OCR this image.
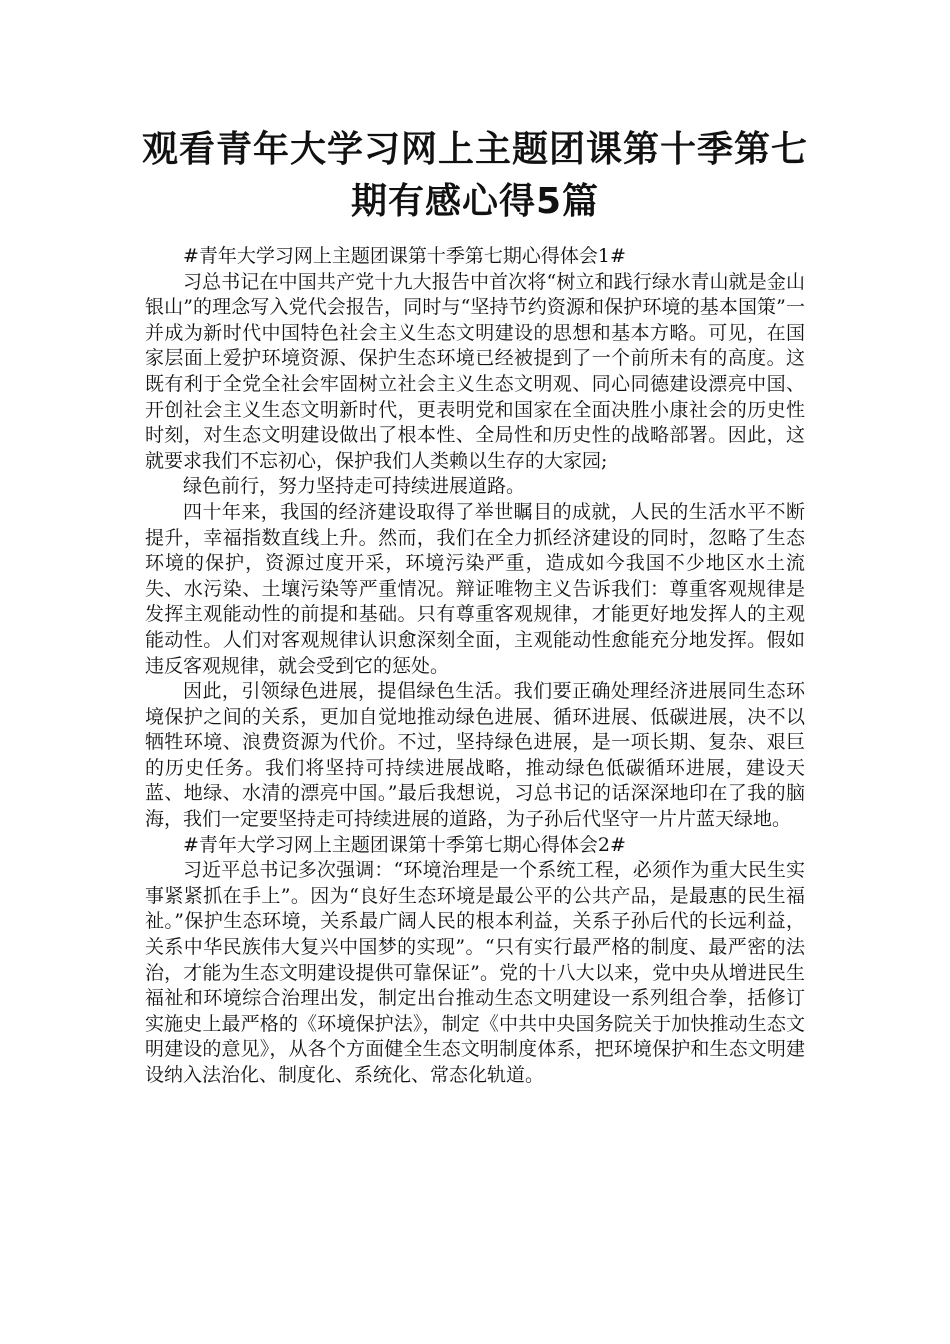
观看青年大学习网上主题团课第十季第七期有感心得5篇

#青年大学习网上主题团课第十季第七期心得体会1#

习总书记在中国共产党十九大报告中首次将“树立和践行绿水青山就是金山银山”的理念写入党代会报告，同时与“坚持节约资源和保护环境的基本国策”一并成为新时代中国特色社会主义生态文明建设的思想和基本方略。可见，在国家层面上爱护环境资源、保护生态环境已经被提到了一个前所未有的高度。这既有利于全党全社会牢固树立社会主义生态文明观、同心同德建设漂亮中国、开创社会主义生态文明新时代，更表明党和国家在全面决胜小康社会的历史性时刻，对生态文明建设做出了根本性、全局性和历史性的战略部署。因此，这就要求我们不忘初心，保护我们人类赖以生存的大家园;

绿色前行，努力坚持走可持续进展道路。

四十年来，我国的经济建设取得了举世瞩目的成就，人民的生活水平不断提升，幸福指数直线上升。然而，我们在全力抓经济建设的同时，忽略了生态环境的保护，资源过度开采，环境污染严重，造成如今我国不少地区水土流失、水污染、土壤污染等严重情况。辩证唯物主义告诉我们：尊重客观规律是发挥主观能动性的前提和基础。只有尊重客观规律，才能更好地发挥人的主观能动性。人们对客观规律认识愈深刻全面，主观能动性愈能充分地发挥。假如违反客观规律，就会受到它的惩处。

因此，引领绿色进展，提倡绿色生活。我们要正确处理经济进展同生态环境保护之间的关系，更加自觉地推动绿色进展、循环进展、低碳进展，决不以牺牲环境、浪费资源为代价。不过，坚持绿色进展，是一项长期、复杂、艰巨的历史任务。我们将坚持可持续进展战略，推动绿色低碳循环进展，建设天蓝、地绿、水清的漂亮中国。”最后我想说，习总书记的话深深地印在了我的脑海，我们一定要坚持走可持续进展的道路，为子孙后代坚守一片片蓝天绿地。

#青年大学习网上主题团课第十季第七期心得体会2#

习近平总书记多次强调：“环境治理是一个系统工程，必须作为重大民生实事紧紧抓在手上”。因为“良好生态环境是最公平的公共产品，是最惠的民生福祉。”保护生态环境，关系最广阔人民的根本利益，关系子孙后代的长远利益，关系中华民族伟大复兴中国梦的实现”。“只有实行最严格的制度、最严密的法治，才能为生态文明建设提供可靠保证”。党的十八大以来，党中央从增进民生福祉和环境综合治理出发，制定出台推动生态文明建设一系列组合拳，括修订实施史上最严格的《环境保护法》，制定《中共中央国务院关于加快推动生态文明建设的意见》，从各个方面健全生态文明制度体系，把环境保护和生态文明建设纳入法治化、制度化、系统化、常态化轨道。
